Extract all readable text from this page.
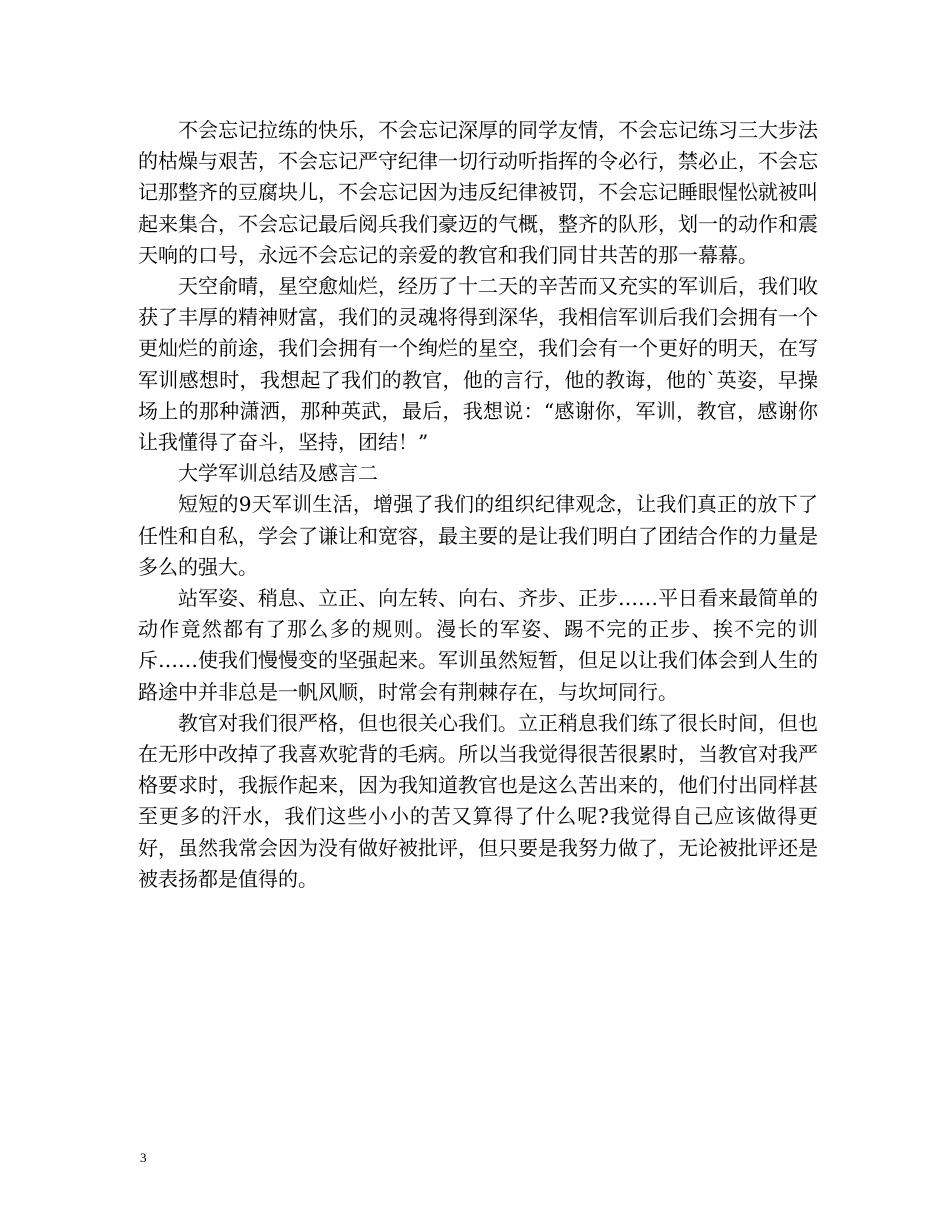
不会忘记拉练的快乐，不会忘记深厚的同学友情，不会忘记练习三大步法的枯燥与艰苦，不会忘记严守纪律一切行动听指挥的令必行，禁必止，不会忘记那整齐的豆腐块儿，不会忘记因为违反纪律被罚，不会忘记睡眼惺忪就被叫起来集合，不会忘记最后阅兵我们豪迈的气概，整齐的队形，划一的动作和震天响的口号，永远不会忘记的亲爱的教官和我们同甘共苦的那一幕幕。

天空俞晴，星空愈灿烂，经历了十二天的辛苦而又充实的军训后，我们收获了丰厚的精神财富，我们的灵魂将得到深华，我相信军训后我们会拥有一个更灿烂的前途，我们会拥有一个绚烂的星空，我们会有一个更好的明天，在写军训感想时，我想起了我们的教官，他的言行，他的教诲，他的`英姿，早操场上的那种潇洒，那种英武，最后，我想说：“感谢你，军训，教官，感谢你让我懂得了奋斗，坚持，团结！”

大学军训总结及感言二

短短的9天军训生活，增强了我们的组织纪律观念，让我们真正的放下了任性和自私，学会了谦让和宽容，最主要的是让我们明白了团结合作的力量是多么的强大。

站军姿、稍息、立正、向左转、向右、齐步、正步……平日看来最简单的动作竟然都有了那么多的规则。漫长的军姿、踢不完的正步、挨不完的训斥……使我们慢慢变的坚强起来。军训虽然短暂，但足以让我们体会到人生的路途中并非总是一帆风顺，时常会有荆棘存在，与坎坷同行。

教官对我们很严格，但也很关心我们。立正稍息我们练了很长时间，但也在无形中改掉了我喜欢驼背的毛病。所以当我觉得很苦很累时，当教官对我严格要求时，我振作起来，因为我知道教官也是这么苦出来的，他们付出同样甚至更多的汗水，我们这些小小的苦又算得了什么呢?我觉得自己应该做得更好，虽然我常会因为没有做好被批评，但只要是我努力做了，无论被批评还是被表扬都是值得的。

3
